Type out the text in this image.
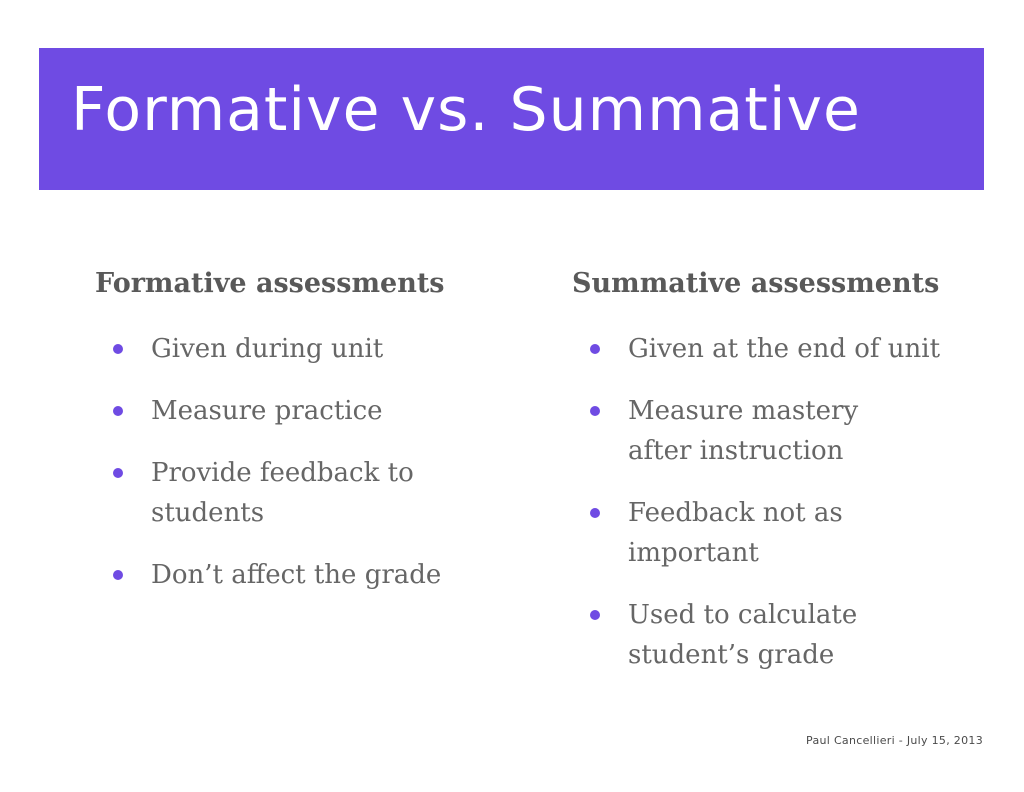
Formative vs. Summative
Formative assessments
Given during unit
Measure practice
Provide feedback to students
Don’t affect the grade
Summative assessments
Given at the end of unit
Measure mastery after instruction
Feedback not as important
Used to calculate student’s grade
Paul Cancellieri - July 15, 2013
